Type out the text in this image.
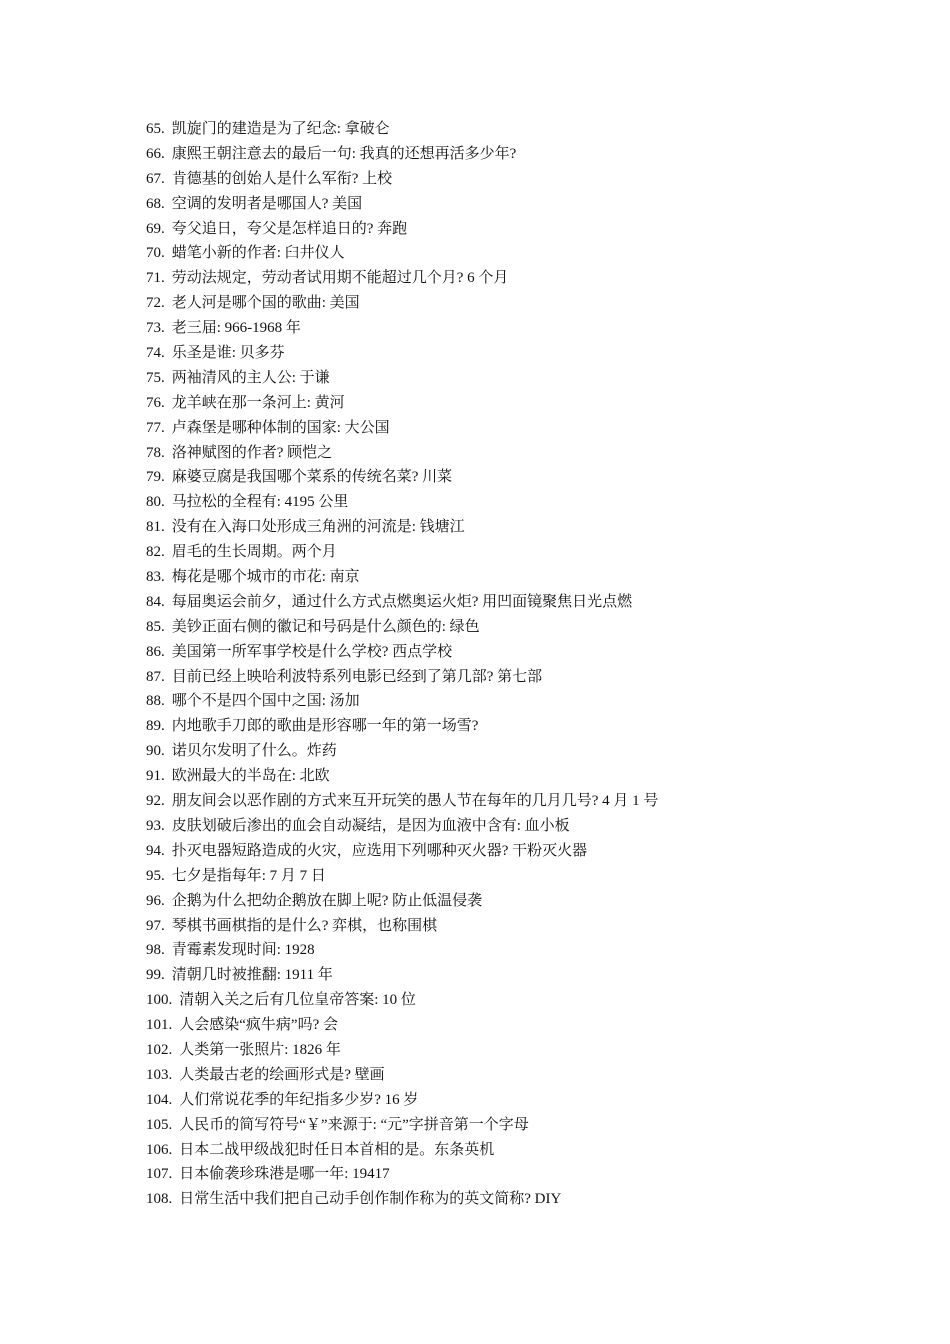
65. 凯旋门的建造是为了纪念: 拿破仑
66. 康熙王朝注意去的最后一句: 我真的还想再活多少年?
67. 肯德基的创始人是什么军衔? 上校
68. 空调的发明者是哪国人? 美国
69. 夸父追日，夸父是怎样追日的? 奔跑
70. 蜡笔小新的作者: 臼井仪人
71. 劳动法规定，劳动者试用期不能超过几个月? 6 个月
72. 老人河是哪个国的歌曲: 美国
73. 老三届: 966-1968 年
74. 乐圣是谁: 贝多芬
75. 两袖清风的主人公: 于谦
76. 龙羊峡在那一条河上: 黄河
77. 卢森堡是哪种体制的国家: 大公国
78. 洛神赋图的作者? 顾恺之
79. 麻婆豆腐是我国哪个菜系的传统名菜? 川菜
80. 马拉松的全程有: 4195 公里
81. 没有在入海口处形成三角洲的河流是: 钱塘江
82. 眉毛的生长周期。两个月
83. 梅花是哪个城市的市花: 南京
84. 每届奥运会前夕，通过什么方式点燃奥运火炬? 用凹面镜聚焦日光点燃
85. 美钞正面右侧的徽记和号码是什么颜色的: 绿色
86. 美国第一所军事学校是什么学校? 西点学校
87. 目前已经上映哈利波特系列电影已经到了第几部? 第七部
88. 哪个不是四个国中之国: 汤加
89. 内地歌手刀郎的歌曲是形容哪一年的第一场雪?
90. 诺贝尔发明了什么。炸药
91. 欧洲最大的半岛在: 北欧
92. 朋友间会以恶作剧的方式来互开玩笑的愚人节在每年的几月几号? 4 月 1 号
93. 皮肤划破后渗出的血会自动凝结，是因为血液中含有: 血小板
94. 扑灭电器短路造成的火灾，应选用下列哪种灭火器? 干粉灭火器
95. 七夕是指每年: 7 月 7 日
96. 企鹅为什么把幼企鹅放在脚上呢? 防止低温侵袭
97. 琴棋书画棋指的是什么? 弈棋，也称围棋
98. 青霉素发现时间: 1928
99. 清朝几时被推翻: 1911 年
100. 清朝入关之后有几位皇帝答案: 10 位
101. 人会感染“疯牛病”吗? 会
102. 人类第一张照片: 1826 年
103. 人类最古老的绘画形式是? 壁画
104. 人们常说花季的年纪指多少岁? 16 岁
105. 人民币的简写符号“￥”来源于: “元”字拼音第一个字母
106. 日本二战甲级战犯时任日本首相的是。东条英机
107. 日本偷袭珍珠港是哪一年: 19417
108. 日常生活中我们把自己动手创作制作称为的英文简称? DIY
